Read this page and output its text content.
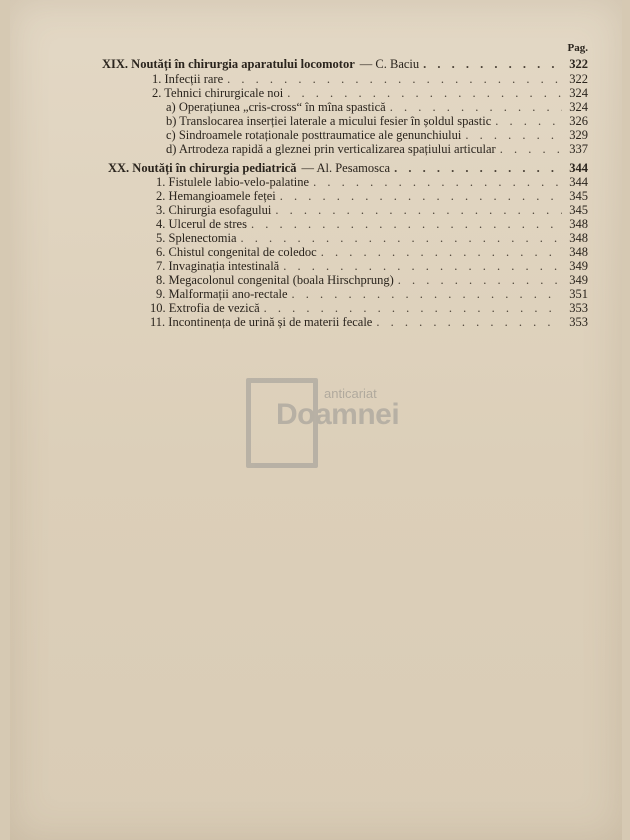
Pag.
XIX. Noutăți în chirurgia aparatului locomotor — C. Baciu . . .	322
1. Infecții rare . . .	322
2. Tehnici chirurgicale noi . . .	324
a) Operațiunea „cris-cross“ în mîna spastică . . .	324
b) Translocarea inserției laterale a micului fesier în șoldul spastic . . .	326
c) Sindroamele rotaționale posttraumatice ale genunchiului . . .	329
d) Artrodeza rapidă a gleznei prin verticalizarea spațiului articular . . .	337
XX. Noutăți în chirurgia pediatrică — Al. Pesamosca . . .	344
1. Fistulele labio-velo-palatine . . .	344
2. Hemangioamele feței . . .	345
3. Chirurgia esofagului . . .	345
4. Ulcerul de stres . . .	348
5. Splenectomia . . .	348
6. Chistul congenital de coledoc . . .	348
7. Invaginația intestinală . . .	349
8. Megacolonul congenital (boala Hirschprung) . . .	349
9. Malformații ano-rectale . . .	351
10. Extrofia de vezică . . .	353
11. Incontinența de urină și de materii fecale . . .	353
anticariat
Doamnei
